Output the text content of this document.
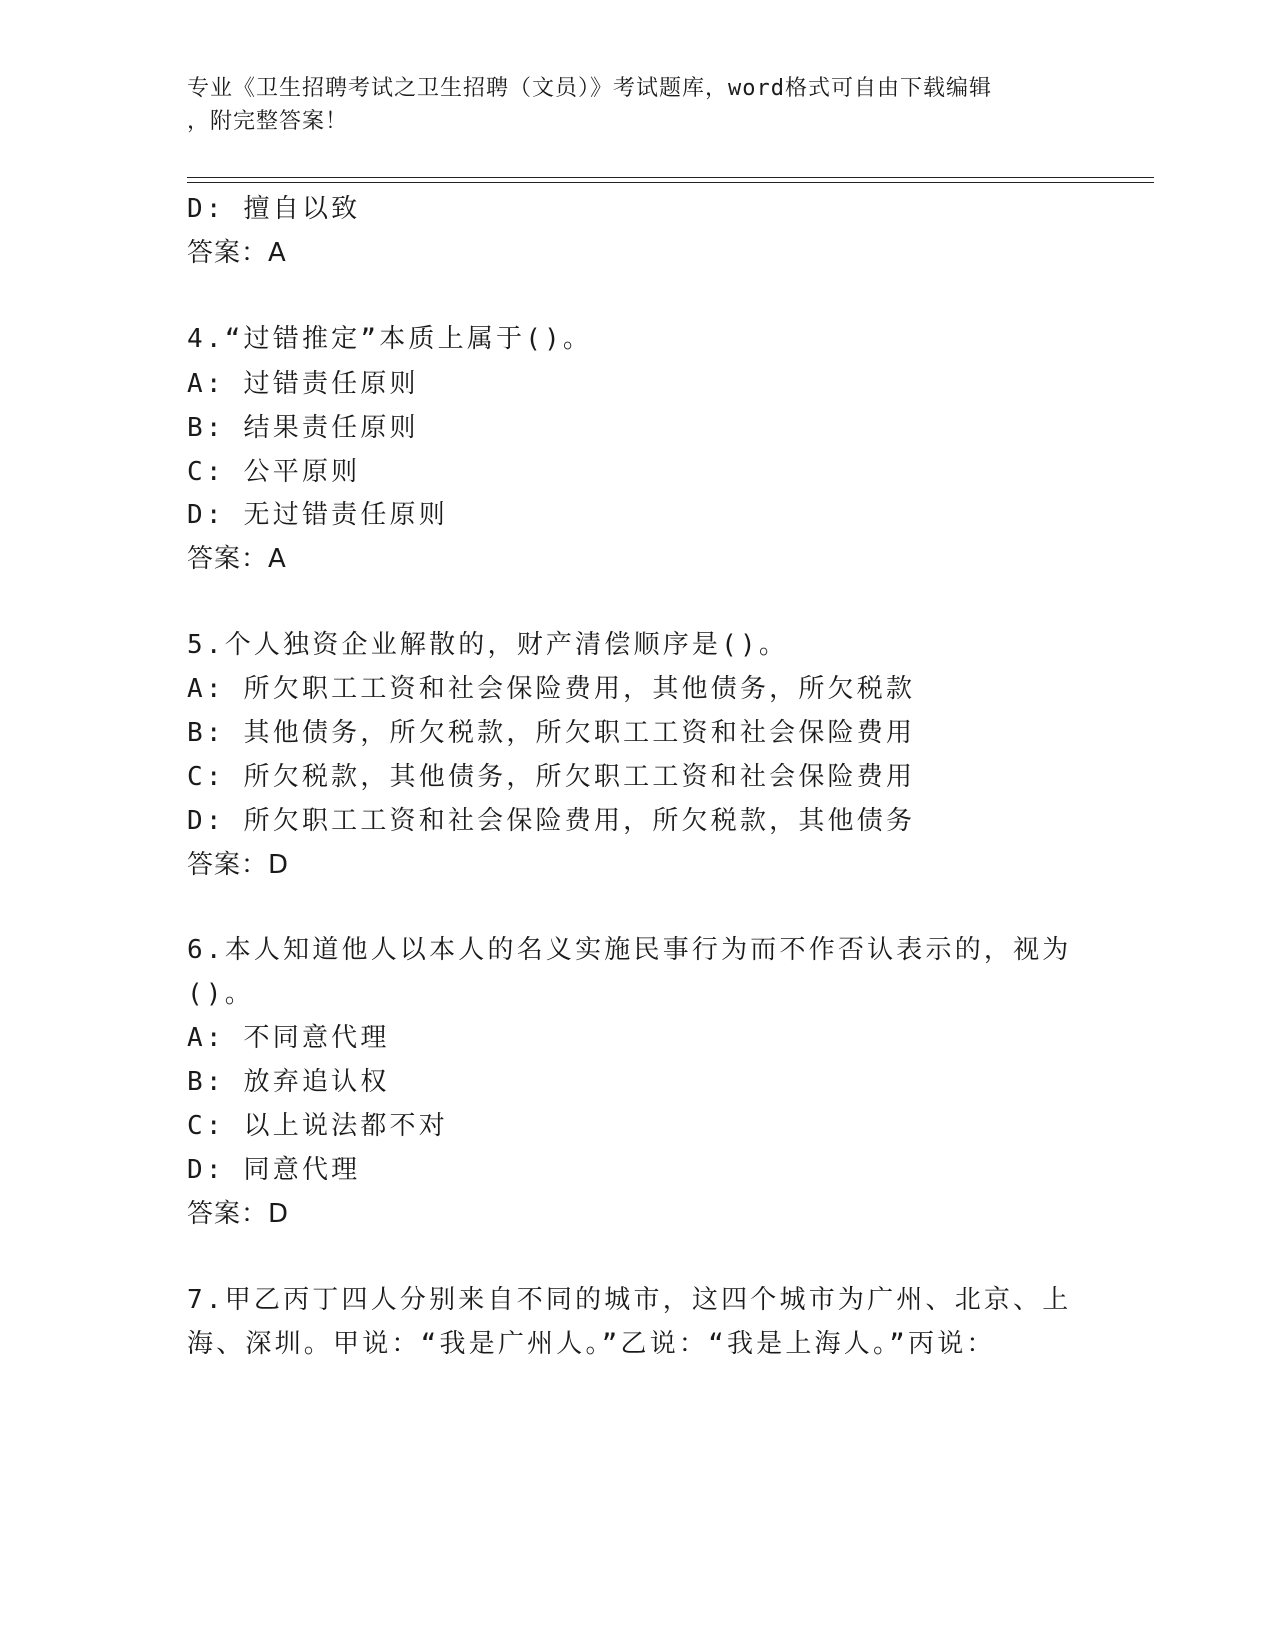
专业《卫生招聘考试之卫生招聘（文员）》考试题库，word格式可自由下载编辑
，附完整答案！
D: 擅自以致
答案：A
4.“过错推定”本质上属于()。
A: 过错责任原则
B: 结果责任原则
C: 公平原则
D: 无过错责任原则
答案：A
5.个人独资企业解散的，财产清偿顺序是()。
A: 所欠职工工资和社会保险费用，其他债务，所欠税款
B: 其他债务，所欠税款，所欠职工工资和社会保险费用
C: 所欠税款，其他债务，所欠职工工资和社会保险费用
D: 所欠职工工资和社会保险费用，所欠税款，其他债务
答案：D
6.本人知道他人以本人的名义实施民事行为而不作否认表示的，视为
()。
A: 不同意代理
B: 放弃追认权
C: 以上说法都不对
D: 同意代理
答案：D
7.甲乙丙丁四人分别来自不同的城市，这四个城市为广州、北京、上
海、深圳。甲说：“我是广州人。”乙说：“我是上海人。”丙说：
